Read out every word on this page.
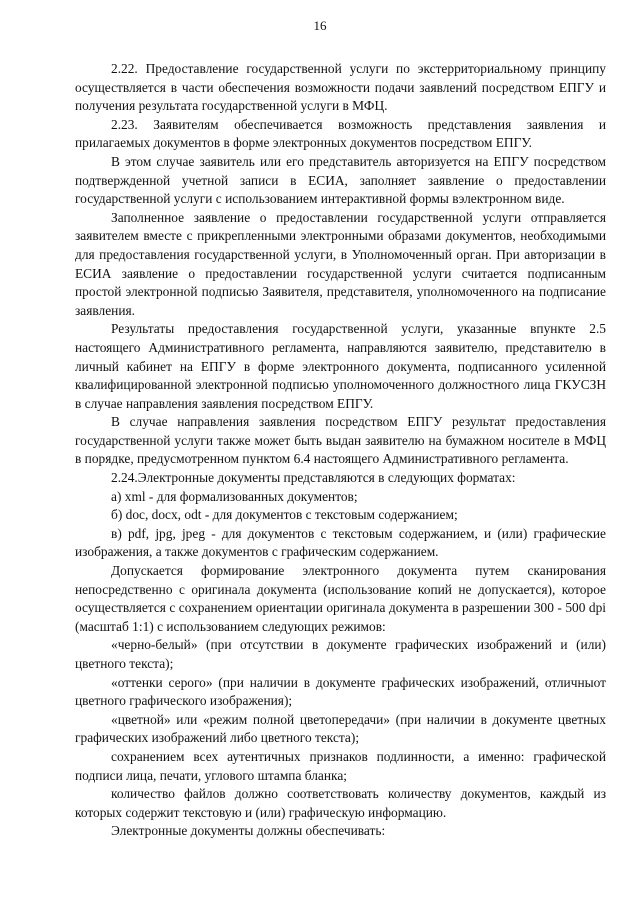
16

2.22. Предоставление государственной услуги по экстерриториальному принципу осуществляется в части обеспечения возможности подачи заявлений посредством ЕПГУ и получения результата государственной услуги в МФЦ.

2.23. Заявителям обеспечивается возможность представления заявления и прилагаемых документов в форме электронных документов посредством ЕПГУ.

В этом случае заявитель или его представитель авторизуется на ЕПГУ посредством подтвержденной учетной записи в ЕСИА, заполняет заявление о предоставлении государственной услуги с использованием интерактивной формы вэлектронном виде.

Заполненное заявление о предоставлении государственной услуги отправляется заявителем вместе с прикрепленными электронными образами документов, необходимыми для предоставления государственной услуги, в Уполномоченный орган. При авторизации в ЕСИА заявление о предоставлении государственной услуги считается подписанным простой электронной подписью Заявителя, представителя, уполномоченного на подписание заявления.

Результаты предоставления государственной услуги, указанные впункте 2.5 настоящего Административного регламента, направляются заявителю, представителю в личный кабинет на ЕПГУ в форме электронного документа, подписанного усиленной квалифицированной электронной подписью уполномоченного должностного лица ГКУСЗН в случае направления заявления посредством ЕПГУ.

В случае направления заявления посредством ЕПГУ результат предоставления государственной услуги также может быть выдан заявителю на бумажном носителе в МФЦ в порядке, предусмотренном пунктом 6.4 настоящего Административного регламента.

2.24.Электронные документы представляются в следующих форматах:

а) xml - для формализованных документов;

б) doc, docx, odt - для документов с текстовым содержанием;

в) pdf, jpg, jpeg - для документов с текстовым содержанием, и (или) графические изображения, а также документов с графическим содержанием.

Допускается формирование электронного документа путем сканирования непосредственно с оригинала документа (использование копий не допускается), которое осуществляется с сохранением ориентации оригинала документа в разрешении 300 - 500 dpi (масштаб 1:1) с использованием следующих режимов:

«черно-белый» (при отсутствии в документе графических изображений и (или) цветного текста);

«оттенки серого» (при наличии в документе графических изображений, отличныот цветного графического изображения);

«цветной» или «режим полной цветопередачи» (при наличии в документе цветных графических изображений либо цветного текста);

сохранением всех аутентичных признаков подлинности, а именно: графической подписи лица, печати, углового штампа бланка;

количество файлов должно соответствовать количеству документов, каждый из которых содержит текстовую и (или) графическую информацию.

Электронные документы должны обеспечивать:
